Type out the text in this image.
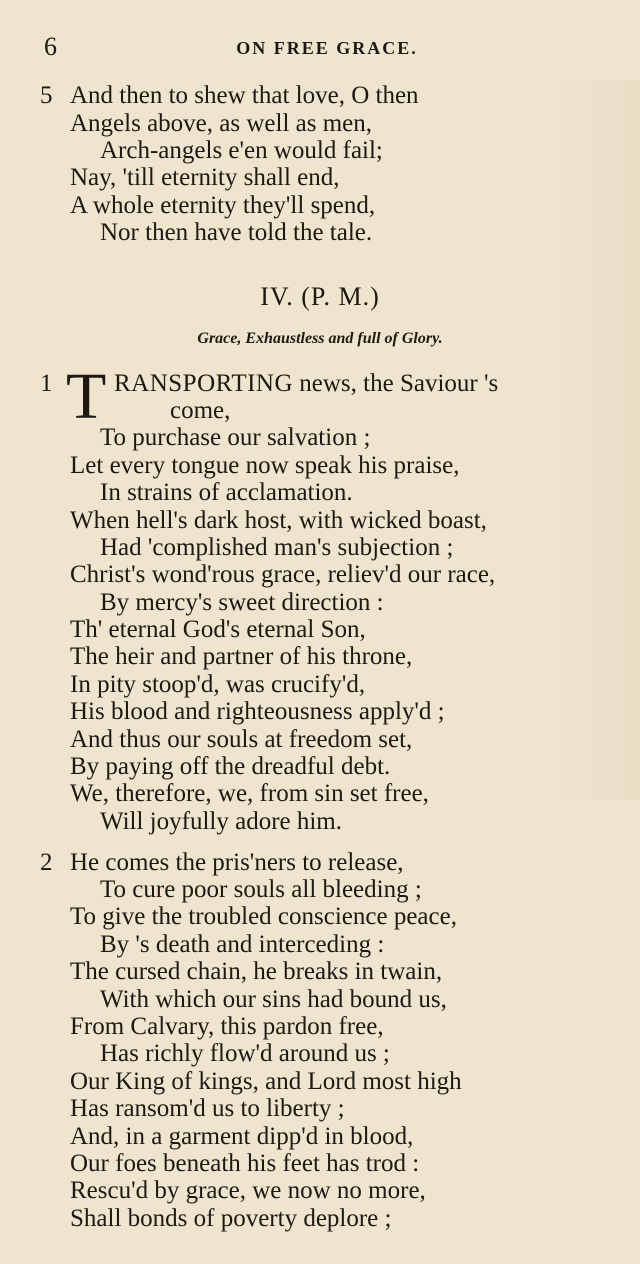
6	ON FREE GRACE.
5 And then to shew that love, O then
Angels above, as well as men,
Arch-angels e'en would fail;
Nay, 'till eternity shall end,
A whole eternity they'll spend,
Nor then have told the tale.
IV. (P. M.)
Grace, Exhaustless and full of Glory.
1 T RANSPORTING news, the Saviour 's
come,
To purchase our salvation ;
Let every tongue now speak his praise,
In strains of acclamation.
When hell's dark host, with wicked boast,
Had 'complished man's subjection ;
Christ's wond'rous grace, reliev'd our race,
By mercy's sweet direction :
Th' eternal God's eternal Son,
The heir and partner of his throne,
In pity stoop'd, was crucify'd,
His blood and righteousness apply'd ;
And thus our souls at freedom set,
By paying off the dreadful debt.
We, therefore, we, from sin set free,
Will joyfully adore him.
2 He comes the pris'ners to release,
To cure poor souls all bleeding ;
To give the troubled conscience peace,
By 's death and interceding :
The cursed chain, he breaks in twain,
With which our sins had bound us,
From Calvary, this pardon free,
Has richly flow'd around us ;
Our King of kings, and Lord most high
Has ransom'd us to liberty ;
And, in a garment dipp'd in blood,
Our foes beneath his feet has trod :
Rescu'd by grace, we now no more,
Shall bonds of poverty deplore ;
